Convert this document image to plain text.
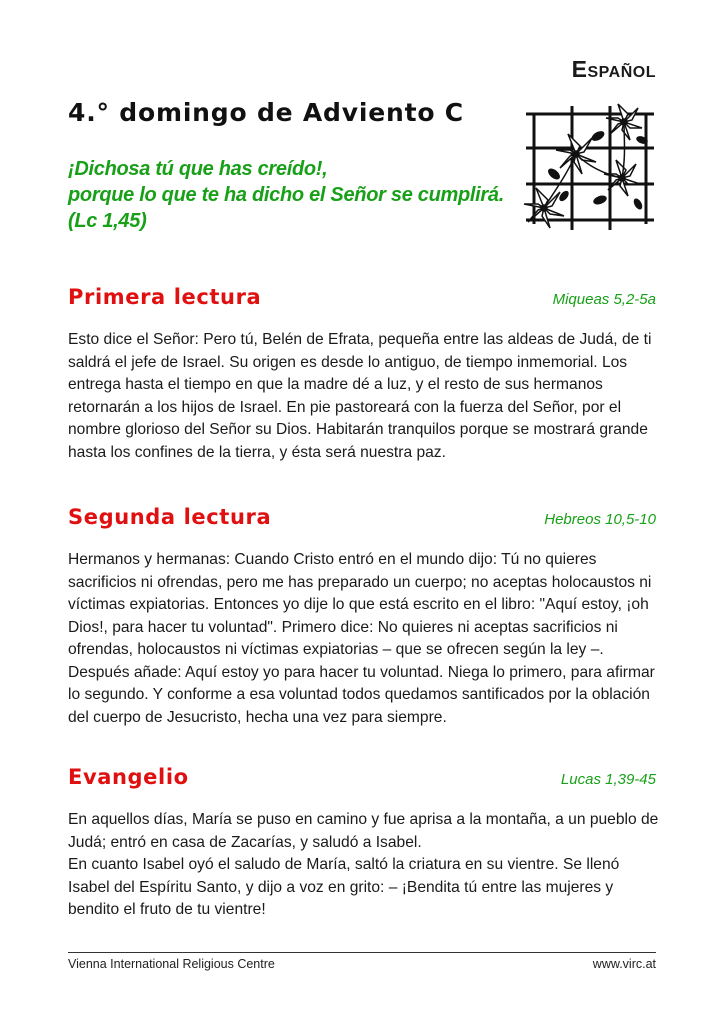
Español
4.° domingo de Adviento C
¡Dichosa tú que has creído!,
porque lo que te ha dicho el Señor se cumplirá.
(Lc 1,45)
Primera lectura	Miqueas 5,2-5a
Esto dice el Señor: Pero tú, Belén de Efrata, pequeña entre las aldeas de Judá, de ti
saldrá el jefe de Israel. Su origen es desde lo antiguo, de tiempo inmemorial. Los
entrega hasta el tiempo en que la madre dé a luz, y el resto de sus hermanos
retornarán a los hijos de Israel. En pie pastoreará con la fuerza del Señor, por el
nombre glorioso del Señor su Dios. Habitarán tranquilos porque se mostrará grande
hasta los confines de la tierra, y ésta será nuestra paz.
Segunda lectura	Hebreos 10,5-10
Hermanos y hermanas: Cuando Cristo entró en el mundo dijo: Tú no quieres
sacrificios ni ofrendas, pero me has preparado un cuerpo; no aceptas holocaustos ni
víctimas expiatorias. Entonces yo dije lo que está escrito en el libro: "Aquí estoy, ¡oh
Dios!, para hacer tu voluntad". Primero dice: No quieres ni aceptas sacrificios ni
ofrendas, holocaustos ni víctimas expiatorias – que se ofrecen según la ley –.
Después añade: Aquí estoy yo para hacer tu voluntad. Niega lo primero, para afirmar
lo segundo. Y conforme a esa voluntad todos quedamos santificados por la oblación
del cuerpo de Jesucristo, hecha una vez para siempre.
Evangelio	Lucas 1,39-45
En aquellos días, María se puso en camino y fue aprisa a la montaña, a un pueblo de
Judá; entró en casa de Zacarías, y saludó a Isabel.
En cuanto Isabel oyó el saludo de María, saltó la criatura en su vientre. Se llenó
Isabel del Espíritu Santo, y dijo a voz en grito: – ¡Bendita tú entre las mujeres y
bendito el fruto de tu vientre!
Vienna International Religious Centre	www.virc.at
